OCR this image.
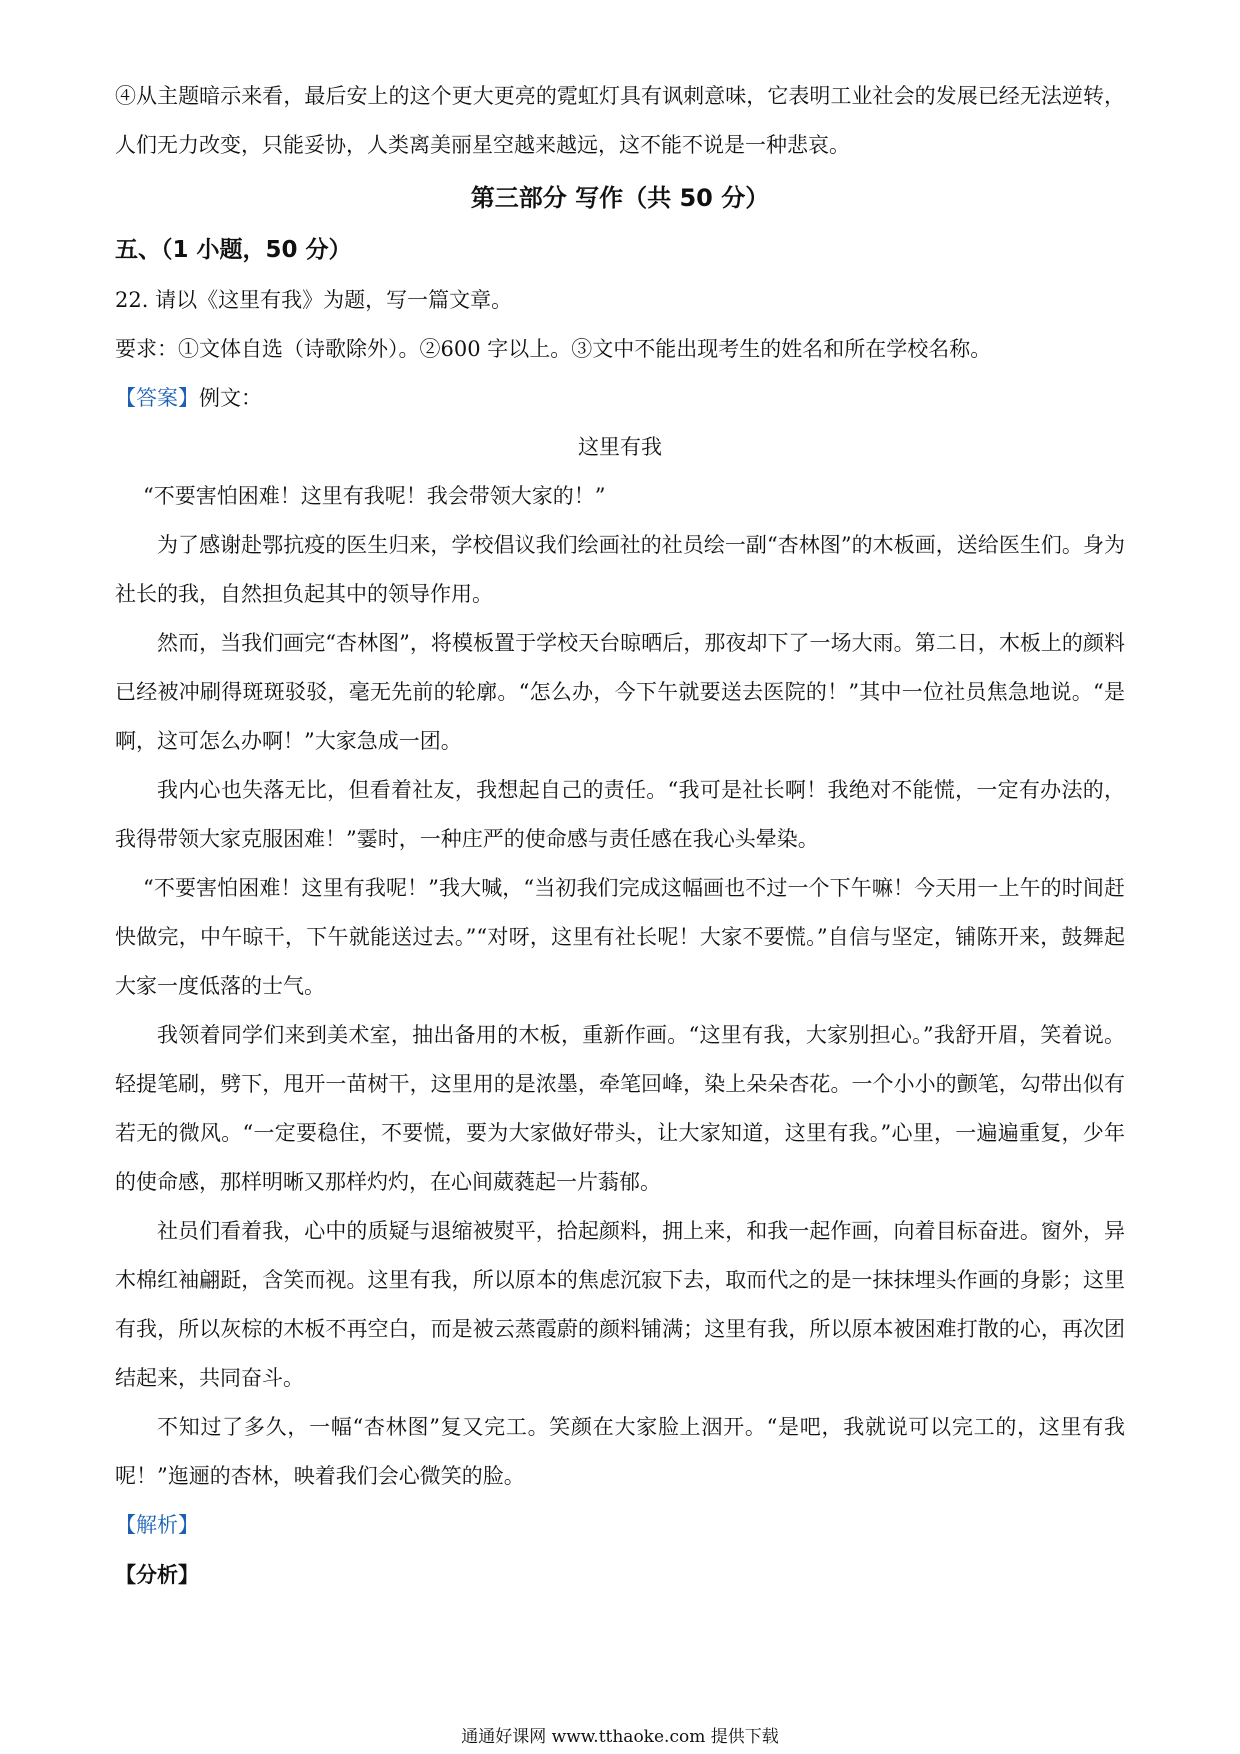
④从主题暗示来看，最后安上的这个更大更亮的霓虹灯具有讽刺意味，它表明工业社会的发展已经无法逆转，人们无力改变，只能妥协，人类离美丽星空越来越远，这不能不说是一种悲哀。
第三部分 写作（共 50 分）
五、（1 小题，50 分）
22. 请以《这里有我》为题，写一篇文章。
要求：①文体自选（诗歌除外）。②600 字以上。③文中不能出现考生的姓名和所在学校名称。
【答案】例文：
这里有我
“不要害怕困难！这里有我呢！我会带领大家的！”
为了感谢赴鄂抗疫的医生归来，学校倡议我们绘画社的社员绘一副“杏林图”的木板画，送给医生们。身为社长的我，自然担负起其中的领导作用。
然而，当我们画完“杏林图”，将模板置于学校天台晾晒后，那夜却下了一场大雨。第二日，木板上的颜料已经被冲刷得斑斑驳驳，毫无先前的轮廓。“怎么办，今下午就要送去医院的！”其中一位社员焦急地说。“是啊，这可怎么办啊！”大家急成一团。
我内心也失落无比，但看着社友，我想起自己的责任。“我可是社长啊！我绝对不能慌，一定有办法的，我得带领大家克服困难！”霎时，一种庄严的使命感与责任感在我心头晕染。
“不要害怕困难！这里有我呢！”我大喊，“当初我们完成这幅画也不过一个下午嘛！今天用一上午的时间赶快做完，中午晾干，下午就能送过去。”“对呀，这里有社长呢！大家不要慌。”自信与坚定，铺陈开来，鼓舞起大家一度低落的士气。
我领着同学们来到美术室，抽出备用的木板，重新作画。“这里有我，大家别担心。”我舒开眉，笑着说。轻提笔刷，劈下，甩开一苗树干，这里用的是浓墨，牵笔回峰，染上朵朵杏花。一个小小的颤笔，勾带出似有若无的微风。“一定要稳住，不要慌，要为大家做好带头，让大家知道，这里有我。”心里，一遍遍重复，少年的使命感，那样明晰又那样灼灼，在心间葳蕤起一片蓊郁。
社员们看着我，心中的质疑与退缩被熨平，拾起颜料，拥上来，和我一起作画，向着目标奋进。窗外，异木棉红袖翩跹，含笑而视。这里有我，所以原本的焦虑沉寂下去，取而代之的是一抹抹埋头作画的身影；这里有我，所以灰棕的木板不再空白，而是被云蒸霞蔚的颜料铺满；这里有我，所以原本被困难打散的心，再次团结起来，共同奋斗。
不知过了多久，一幅“杏林图”复又完工。笑颜在大家脸上洇开。“是吧，我就说可以完工的，这里有我呢！”迤逦的杏林，映着我们会心微笑的脸。
【解析】
【分析】
通通好课网 www.tthaoke.com 提供下载
